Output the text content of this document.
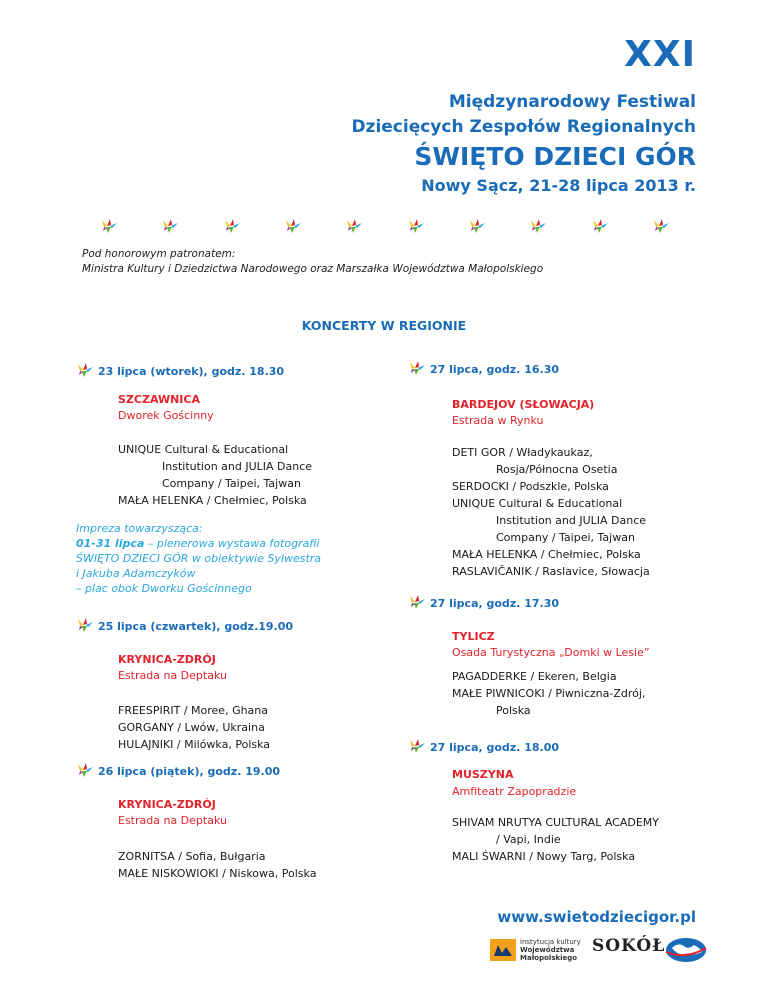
XXI
Międzynarodowy Festiwal
Dziecięcych Zespołów Regionalnych
ŚWIĘTO DZIECI GÓR
Nowy Sącz, 21-28 lipca 2013 r.
Pod honorowym patronatem:
Ministra Kultury i Dziedzictwa Narodowego oraz Marszałka Województwa Małopolskiego
KONCERTY W REGIONIE
23 lipca (wtorek), godz. 18.30
SZCZAWNICA
Dworek Gościnny
UNIQUE Cultural & Educational
Institution and JULIA Dance
Company / Taipei, Tajwan
MAŁA HELENKA / Chełmiec, Polska
Impreza towarzysząca:
01-31 lipca – plenerowa wystawa fotografii
ŚWIĘTO DZIECI GÓR w obiektywie Sylwestra
i Jakuba Adamczyków
– plac obok Dworku Gościnnego
25 lipca (czwartek), godz.19.00
KRYNICA-ZDRÓJ
Estrada na Deptaku
FREESPIRIT / Moree, Ghana
GORGANY / Lwów, Ukraina
HULAJNIKI / Milówka, Polska
26 lipca (piątek), godz. 19.00
KRYNICA-ZDRÓJ
Estrada na Deptaku
ZORNITSA / Sofia, Bułgaria
MAŁE NISKOWIOKI / Niskowa, Polska
27 lipca, godz. 16.30
BARDEJOV (SŁOWACJA)
Estrada w Rynku
DETI GOR / Władykaukaz,
Rosja/Północna Osetia
SERDOCKI / Podszkle, Polska
UNIQUE Cultural & Educational
Institution and JULIA Dance
Company / Taipei, Tajwan
MAŁA HELENKA / Chełmiec, Polska
RASLAVIČANIK / Raslavice, Słowacja
27 lipca, godz. 17.30
TYLICZ
Osada Turystyczna „Domki w Lesie”
PAGADDERKE / Ekeren, Belgia
MAŁE PIWNICOKI / Piwniczna-Zdrój,
Polska
27 lipca, godz. 18.00
MUSZYNA
Amfiteatr Zapopradzie
SHIVAM NRUTYA CULTURAL ACADEMY
/ Vapi, Indie
MALI ŚWARNI / Nowy Targ, Polska
www.swietodziecigor.pl
instytucja kultury
Województwa
Małopolskiego
SOKÓŁ
